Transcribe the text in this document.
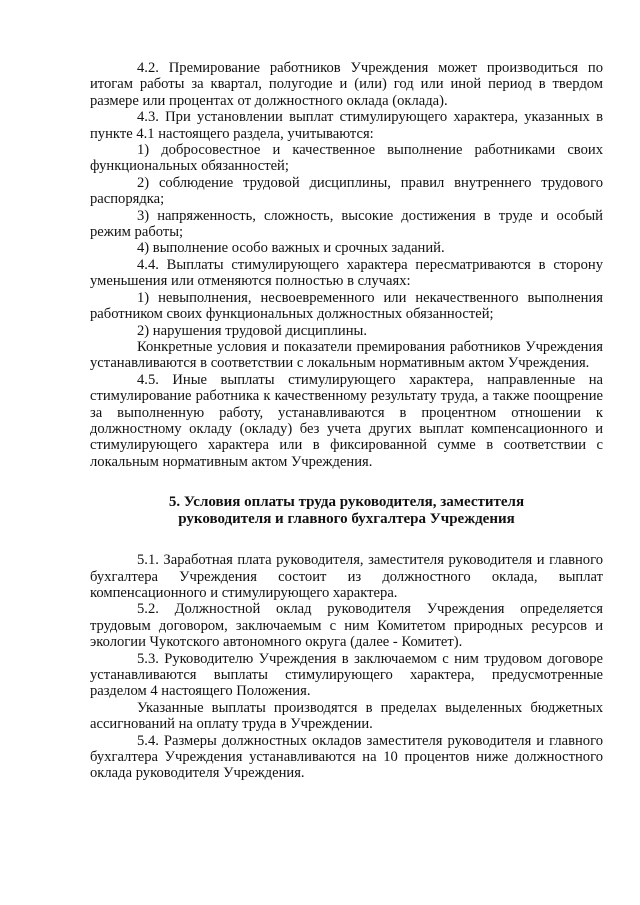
4.2. Премирование работников Учреждения может производиться по итогам работы за квартал, полугодие и (или) год или иной период в твердом размере или процентах от должностного оклада (оклада).

4.3. При установлении выплат стимулирующего характера, указанных в пункте 4.1 настоящего раздела, учитываются:

1) добросовестное и качественное выполнение работниками своих функциональных обязанностей;

2) соблюдение трудовой дисциплины, правил внутреннего трудового распорядка;

3) напряженность, сложность, высокие достижения в труде и особый режим работы;

4) выполнение особо важных и срочных заданий.

4.4. Выплаты стимулирующего характера пересматриваются в сторону уменьшения или отменяются полностью в случаях:

1) невыполнения, несвоевременного или некачественного выполнения работником своих функциональных должностных обязанностей;

2) нарушения трудовой дисциплины.

Конкретные условия и показатели премирования работников Учреждения устанавливаются в соответствии с локальным нормативным актом Учреждения.

4.5. Иные выплаты стимулирующего характера, направленные на стимулирование работника к качественному результату труда, а также поощрение за выполненную работу, устанавливаются в процентном отношении к должностному окладу (окладу) без учета других выплат компенсационного и стимулирующего характера или в фиксированной сумме в соответствии с локальным нормативным актом Учреждения.

5. Условия оплаты труда руководителя, заместителя
руководителя и главного бухгалтера Учреждения

5.1. Заработная плата руководителя, заместителя руководителя и главного бухгалтера Учреждения состоит из должностного оклада, выплат компенсационного и стимулирующего характера.

5.2. Должностной оклад руководителя Учреждения определяется трудовым договором, заключаемым с ним Комитетом природных ресурсов и экологии Чукотского автономного округа (далее - Комитет).

5.3. Руководителю Учреждения в заключаемом с ним трудовом договоре устанавливаются выплаты стимулирующего характера, предусмотренные разделом 4 настоящего Положения.

Указанные выплаты производятся в пределах выделенных бюджетных ассигнований на оплату труда в Учреждении.

5.4. Размеры должностных окладов заместителя руководителя и главного бухгалтера Учреждения устанавливаются на 10 процентов ниже должностного оклада руководителя Учреждения.
